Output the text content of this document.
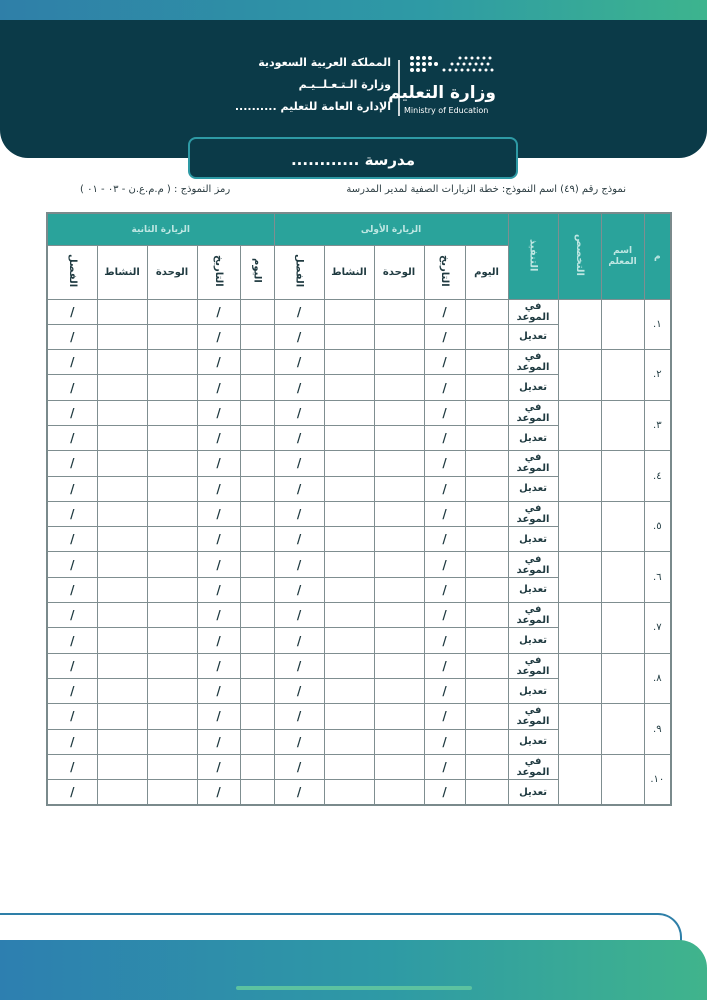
المملكة العربية السعودية
وزارة الـتـعـلــيـم
الإدارة العامة للتعليم ..........
وزارة التعليم
Ministry of Education
مدرسة ............
نموذج رقم (٤٩) اسم النموذج: خطة الزيارات الصفية لمدير المدرسة
رمز النموذج : ( م.م.ع.ن - ٠٣ - ٠١ )
م	اسم المعلم	التخصص	التنفيذ	الزيارة الأولى					الزيارة الثانية				
				اليوم	التاريخ	الوحدة	النشاط	الفصل	اليوم	التاريخ	الوحدة	النشاط	الفصل
١.			في الموعد		/			/		/			/
			تعديل		/			/		/			/
٢.			في الموعد		/			/		/			/
			تعديل		/			/		/			/
٣.			في الموعد		/			/		/			/
			تعديل		/			/		/			/
٤.			في الموعد		/			/		/			/
			تعديل		/			/		/			/
٥.			في الموعد		/			/		/			/
			تعديل		/			/		/			/
٦.			في الموعد		/			/		/			/
			تعديل		/			/		/			/
٧.			في الموعد		/			/		/			/
			تعديل		/			/		/			/
٨.			في الموعد		/			/		/			/
			تعديل		/			/		/			/
٩.			في الموعد		/			/		/			/
			تعديل		/			/		/			/
١٠.			في الموعد		/			/		/			/
			تعديل		/			/		/			/
